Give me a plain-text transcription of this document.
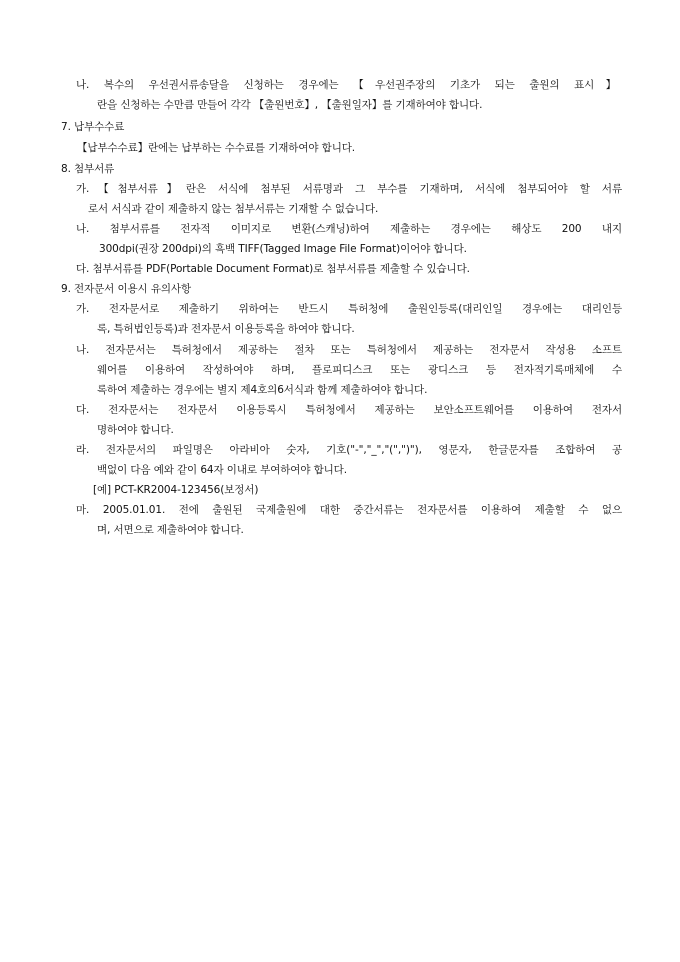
나. 복수의 우선권서류송달을 신청하는 경우에는 【우선권주장의 기초가 되는 출원의 표시】
란을 신청하는 수만큼 만들어 각각 【출원번호】, 【출원일자】를 기재하여야 합니다.
7. 납부수수료
【납부수수료】란에는 납부하는 수수료를 기재하여야 합니다.
8. 첨부서류
가.【첨부서류】란은 서식에 첨부된 서류명과 그 부수를 기재하며, 서식에 첨부되어야 할 서류
로서 서식과 같이 제출하지 않는 첨부서류는 기재할 수 없습니다.
나. 첨부서류를 전자적 이미지로 변환(스캐닝)하여 제출하는 경우에는 해상도 200 내지
300dpi(권장 200dpi)의 흑백 TIFF(Tagged Image File Format)이어야 합니다.
다. 첨부서류를 PDF(Portable Document Format)로 첨부서류를 제출할 수 있습니다.
9. 전자문서 이용시 유의사항
가. 전자문서로 제출하기 위하여는 반드시 특허청에 출원인등록(대리인일 경우에는 대리인등
록, 특허법인등록)과 전자문서 이용등록을 하여야 합니다.
나. 전자문서는 특허청에서 제공하는 절차 또는 특허청에서 제공하는 전자문서 작성용 소프트
웨어를 이용하여 작성하여야 하며, 플로피디스크 또는 광디스크 등 전자적기록매체에 수
록하여 제출하는 경우에는 별지 제4호의6서식과 함께 제출하여야 합니다.
다. 전자문서는 전자문서 이용등록시 특허청에서 제공하는 보안소프트웨어를 이용하여 전자서
명하여야 합니다.
라. 전자문서의 파일명은 아라비아 숫자, 기호("-","_","(",")"), 영문자, 한글문자를 조합하여 공
백없이 다음 예와 같이 64자 이내로 부여하여야 합니다.
[예] PCT-KR2004-123456(보정서)
마. 2005.01.01. 전에 출원된 국제출원에 대한 중간서류는 전자문서를 이용하여 제출할 수 없으
며, 서면으로 제출하여야 합니다.
